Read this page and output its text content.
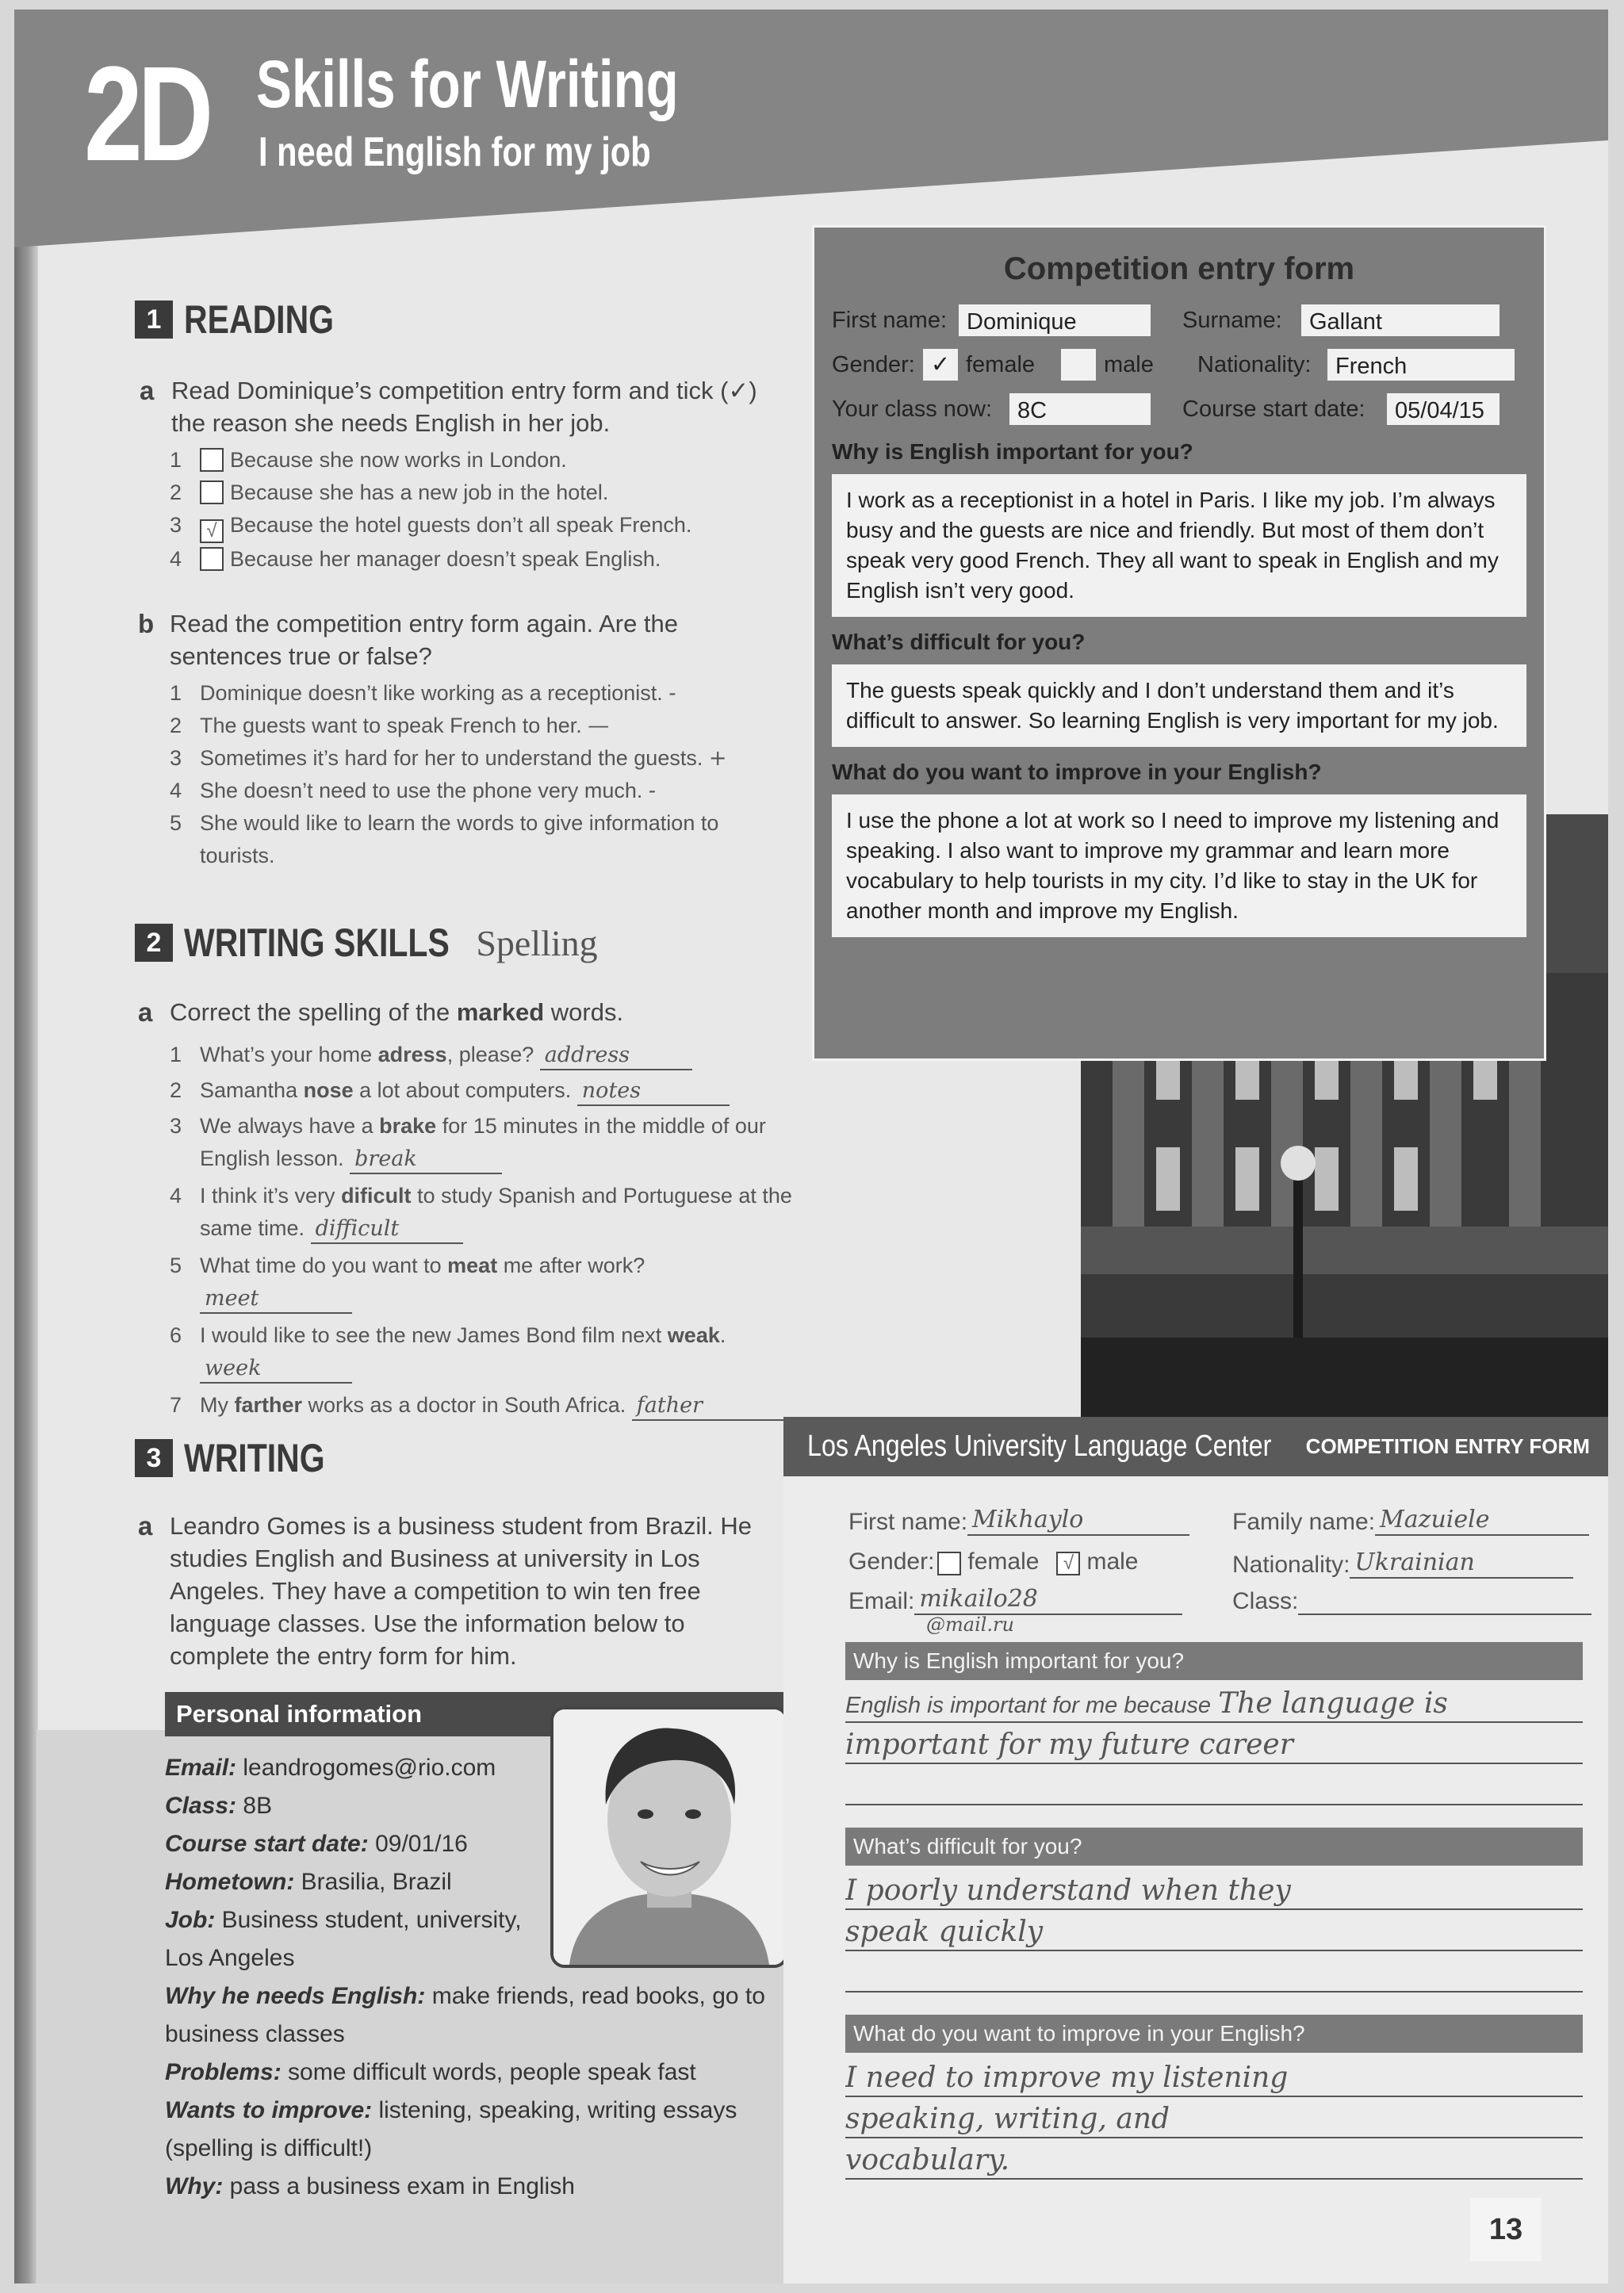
2D Skills for Writing
I need English for my job
1 READING
a Read Dominique’s competition entry form and tick (✓) the reason she needs English in her job.
1 Because she now works in London.
2 Because she has a new job in the hotel.
3 √ Because the hotel guests don’t all speak French.
4 Because her manager doesn’t speak English.
b Read the competition entry form again. Are the sentences true or false?
1 Dominique doesn’t like working as a receptionist. -
2 The guests want to speak French to her. —
3 Sometimes it’s hard for her to understand the guests. +
4 She doesn’t need to use the phone very much. -
5 She would like to learn the words to give information to tourists.
2 WRITING SKILLS Spelling
a Correct the spelling of the marked words.
1 What’s your home adress, please? address
2 Samantha nose a lot about computers. notes
3 We always have a brake for 15 minutes in the middle of our English lesson. break
4 I think it’s very dificult to study Spanish and Portuguese at the same time. difficult
5 What time do you want to meat me after work?
meet
6 I would like to see the new James Bond film next weak.
week
7 My farther works as a doctor in South Africa. father
3 WRITING
a Leandro Gomes is a business student from Brazil. He studies English and Business at university in Los Angeles. They have a competition to win ten free language classes. Use the information below to complete the entry form for him.
Personal information
Email: leandrogomes@rio.com
Class: 8B
Course start date: 09/01/16
Hometown: Brasilia, Brazil
Job: Business student, university, Los Angeles
Why he needs English: make friends, read books, go to business classes
Problems: some difficult words, people speak fast
Wants to improve: listening, speaking, writing essays (spelling is difficult!)
Why: pass a business exam in English
Competition entry form
First name: Dominique	Surname:	Gallant
Gender: ✓ female	male	Nationality:	French
Your class now:	8C	Course start date:	05/04/15
Why is English important for you?
I work as a receptionist in a hotel in Paris. I like my job. I’m always busy and the guests are nice and friendly. But most of them don’t speak very good French. They all want to speak in English and my English isn’t very good.
What’s difficult for you?
The guests speak quickly and I don’t understand them and it’s difficult to answer. So learning English is very important for my job.
What do you want to improve in your English?
I use the phone a lot at work so I need to improve my listening and speaking. I also want to improve my grammar and learn more vocabulary to help tourists in my city. I’d like to stay in the UK for another month and improve my English.
Los Angeles University Language Center COMPETITION ENTRY FORM
First name: Mikhaylo	Family name: Mazuiele
Gender: female	√ male	Nationality: Ukrainian
Email: mikailo28
@mail.ru
Class:
Why is English important for you?
English is important for me because The language is
important for my future career
What’s difficult for you?
I poorly understand when they
speak quickly
What do you want to improve in your English?
I need to improve my listening
speaking, writing, and
vocabulary.
13
